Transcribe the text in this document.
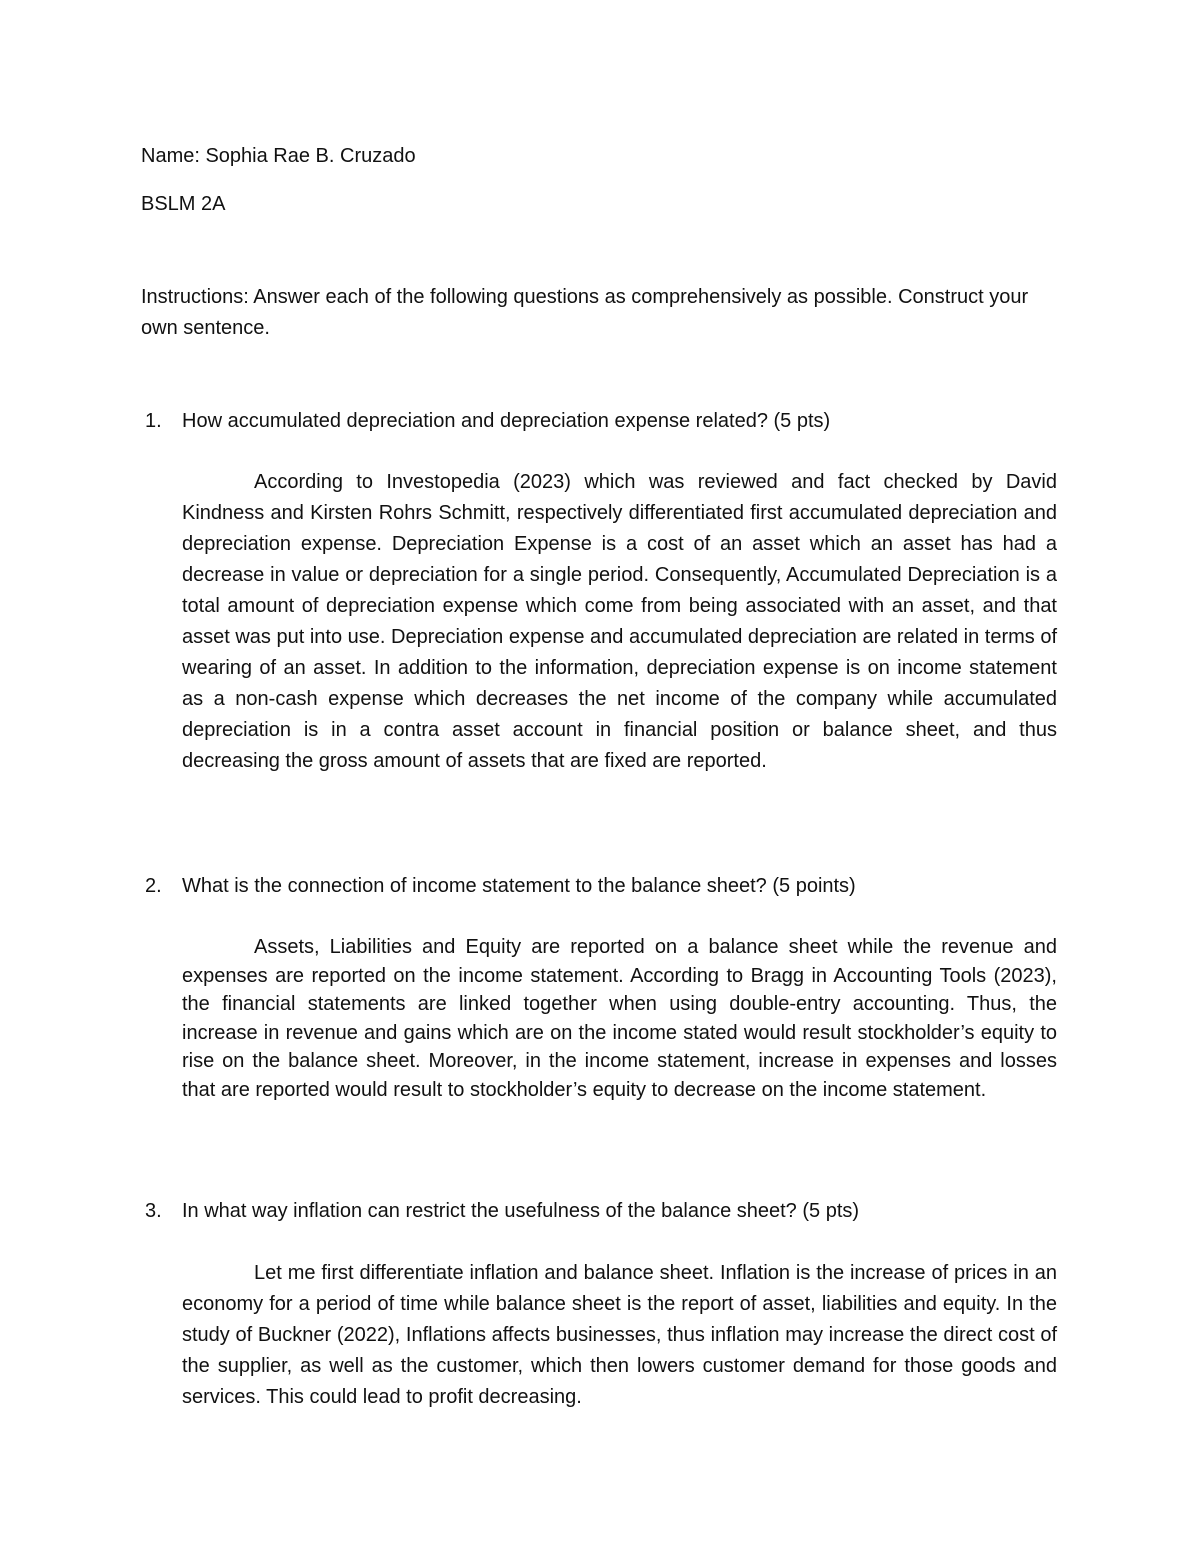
Name: Sophia Rae B. Cruzado

BSLM 2A

Instructions: Answer each of the following questions as comprehensively as possible. Construct your own sentence.

1. How accumulated depreciation and depreciation expense related? (5 pts)

According to Investopedia (2023) which was reviewed and fact checked by David Kindness and Kirsten Rohrs Schmitt, respectively differentiated first accumulated depreciation and depreciation expense. Depreciation Expense is a cost of an asset which an asset has had a decrease in value or depreciation for a single period. Consequently, Accumulated Depreciation is a total amount of depreciation expense which come from being associated with an asset, and that asset was put into use. Depreciation expense and accumulated depreciation are related in terms of wearing of an asset. In addition to the information, depreciation expense is on income statement as a non-cash expense which decreases the net income of the company while accumulated depreciation is in a contra asset account in financial position or balance sheet, and thus decreasing the gross amount of assets that are fixed are reported.

2. What is the connection of income statement to the balance sheet? (5 points)

Assets, Liabilities and Equity are reported on a balance sheet while the revenue and expenses are reported on the income statement. According to Bragg in Accounting Tools (2023), the financial statements are linked together when using double-entry accounting. Thus, the increase in revenue and gains which are on the income stated would result stockholder’s equity to rise on the balance sheet. Moreover, in the income statement, increase in expenses and losses that are reported would result to stockholder’s equity to decrease on the income statement.

3. In what way inflation can restrict the usefulness of the balance sheet? (5 pts)

Let me first differentiate inflation and balance sheet. Inflation is the increase of prices in an economy for a period of time while balance sheet is the report of asset, liabilities and equity. In the study of Buckner (2022), Inflations affects businesses, thus inflation may increase the direct cost of the supplier, as well as the customer, which then lowers customer demand for those goods and services. This could lead to profit decreasing.
